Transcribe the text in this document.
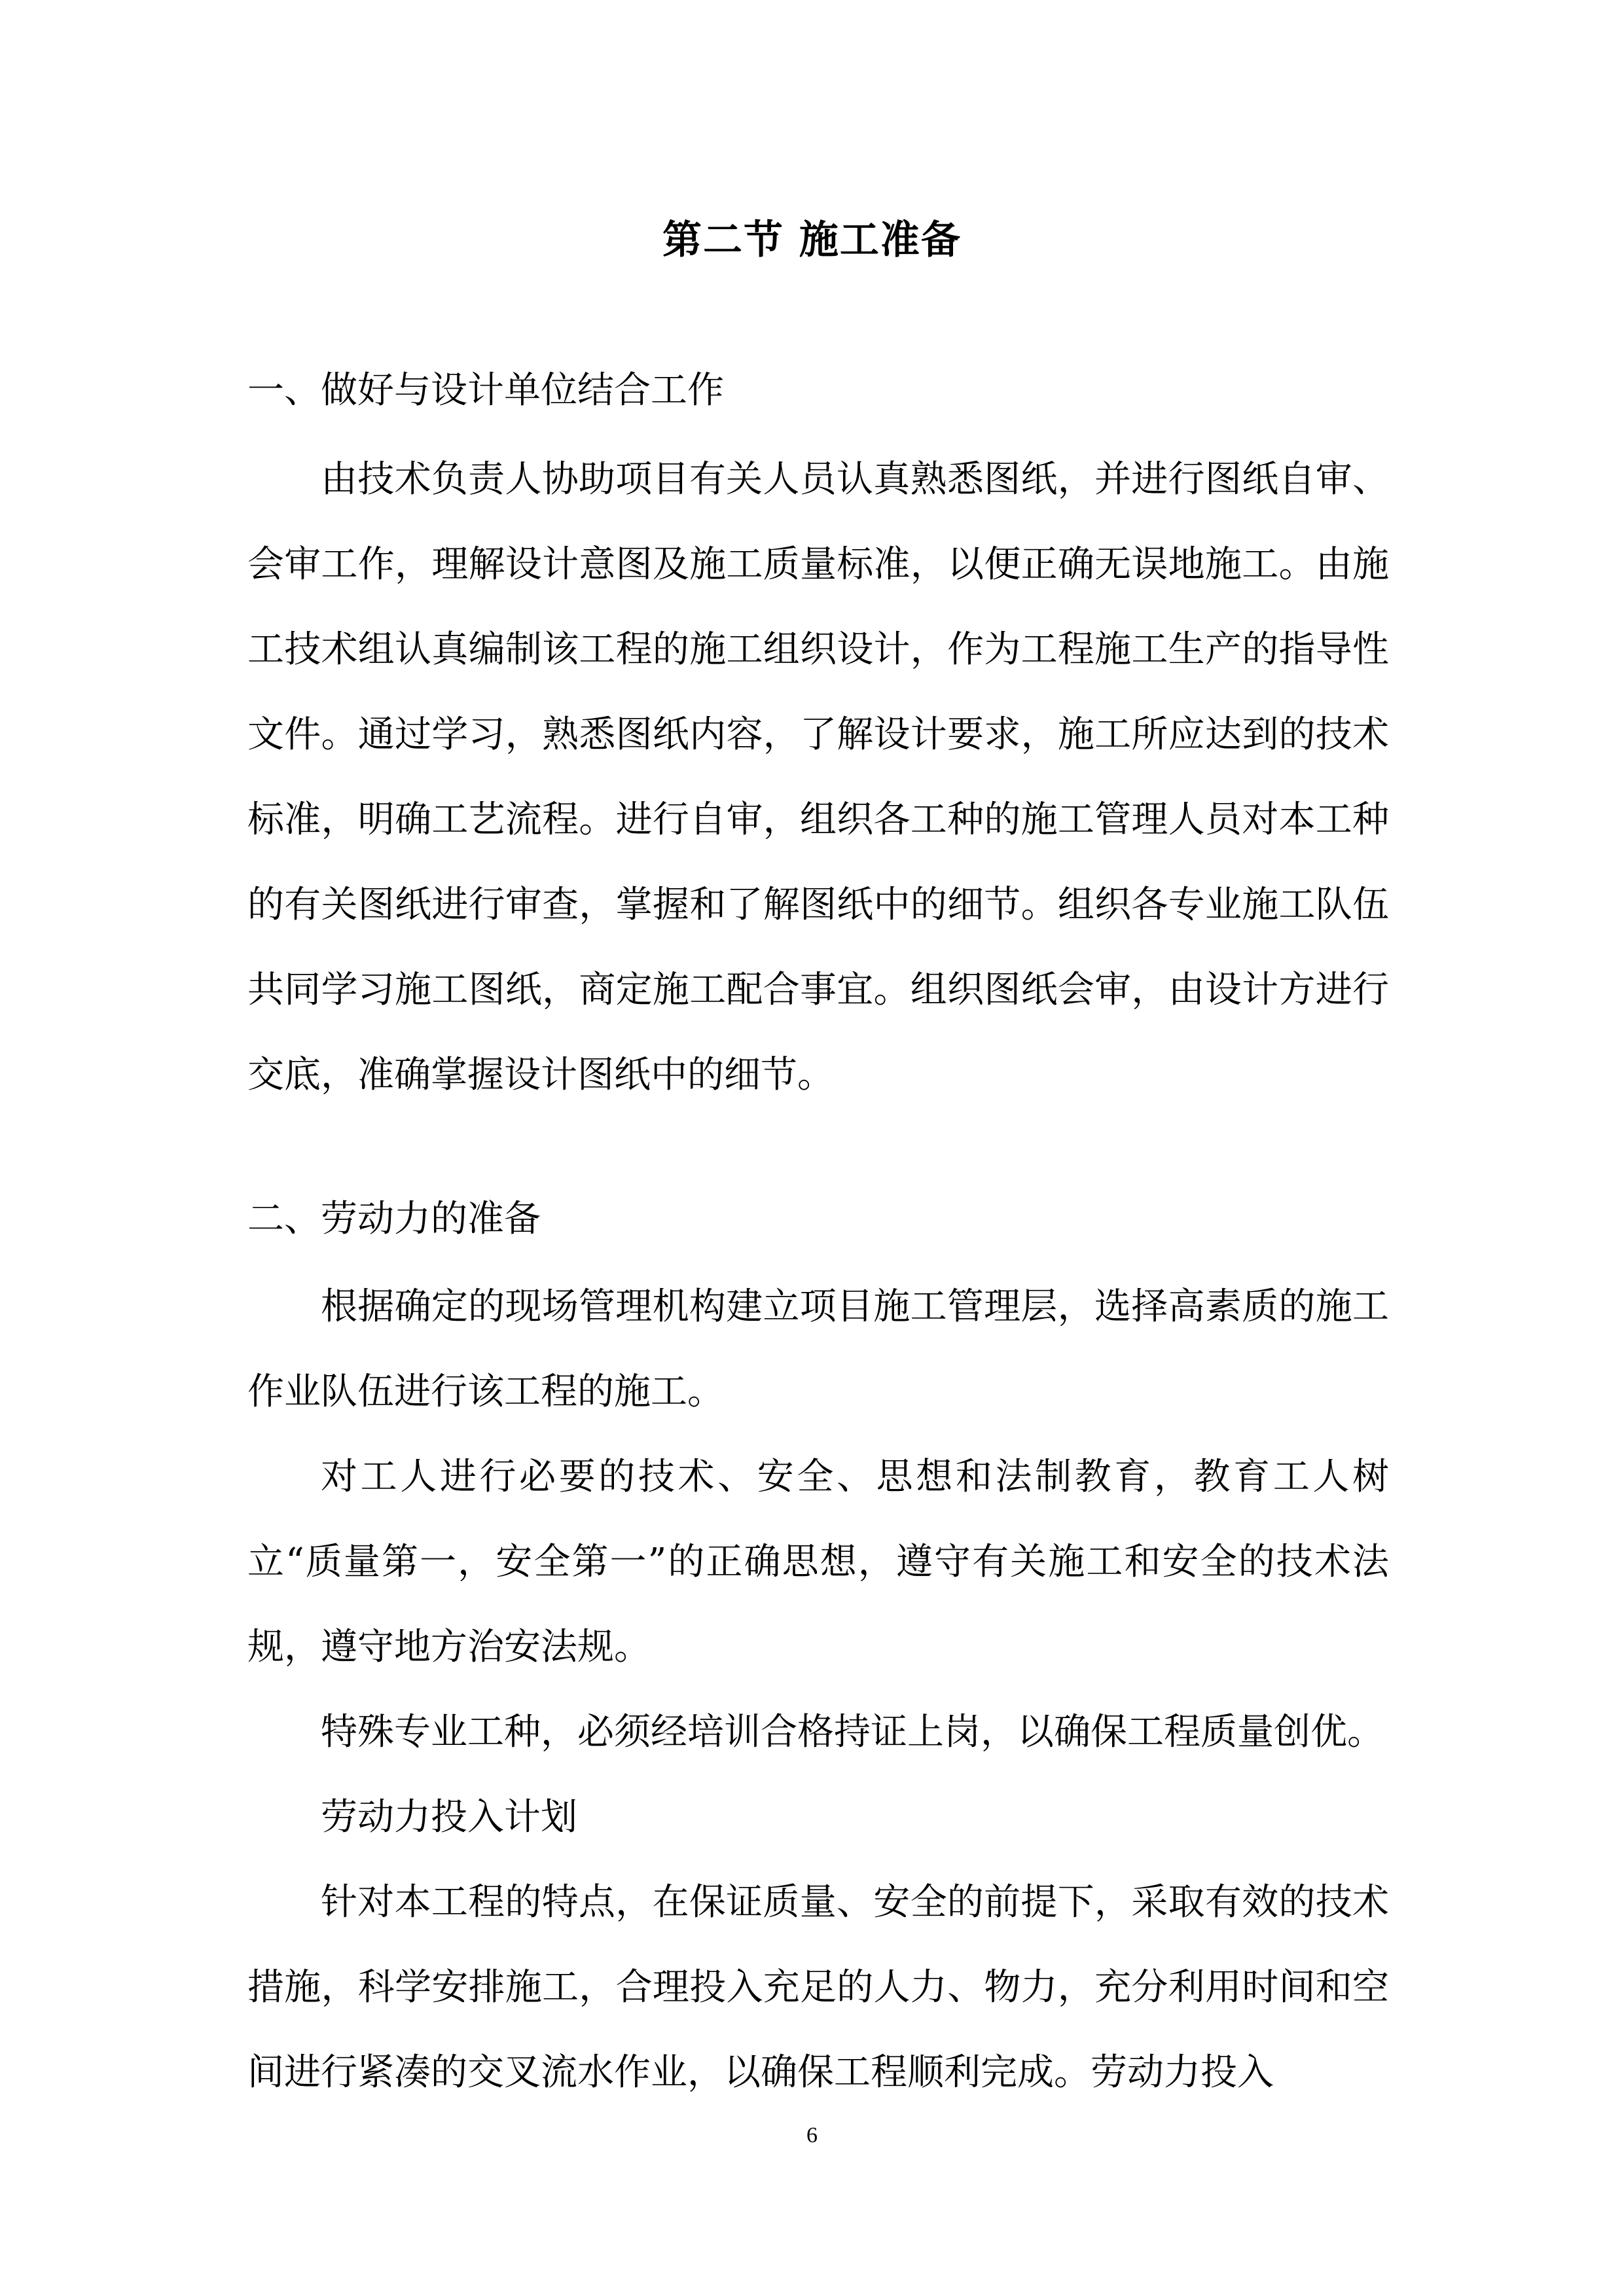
第二节 施工准备
一、做好与设计单位结合工作

由技术负责人协助项目有关人员认真熟悉图纸，并进行图纸自审、会审工作，理解设计意图及施工质量标准，以便正确无误地施工。由施工技术组认真编制该工程的施工组织设计，作为工程施工生产的指导性文件。通过学习，熟悉图纸内容，了解设计要求，施工所应达到的技术标准，明确工艺流程。进行自审，组织各工种的施工管理人员对本工种的有关图纸进行审查，掌握和了解图纸中的细节。组织各专业施工队伍共同学习施工图纸，商定施工配合事宜。组织图纸会审，由设计方进行交底，准确掌握设计图纸中的细节。

二、劳动力的准备

根据确定的现场管理机构建立项目施工管理层，选择高素质的施工作业队伍进行该工程的施工。

对工人进行必要的技术、安全、思想和法制教育，教育工人树立“质量第一，安全第一”的正确思想，遵守有关施工和安全的技术法规，遵守地方治安法规。

特殊专业工种，必须经培训合格持证上岗，以确保工程质量创优。

劳动力投入计划

针对本工程的特点，在保证质量、安全的前提下，采取有效的技术措施，科学安排施工，合理投入充足的人力、物力，充分利用时间和空间进行紧凑的交叉流水作业，以确保工程顺利完成。劳动力投入

6
